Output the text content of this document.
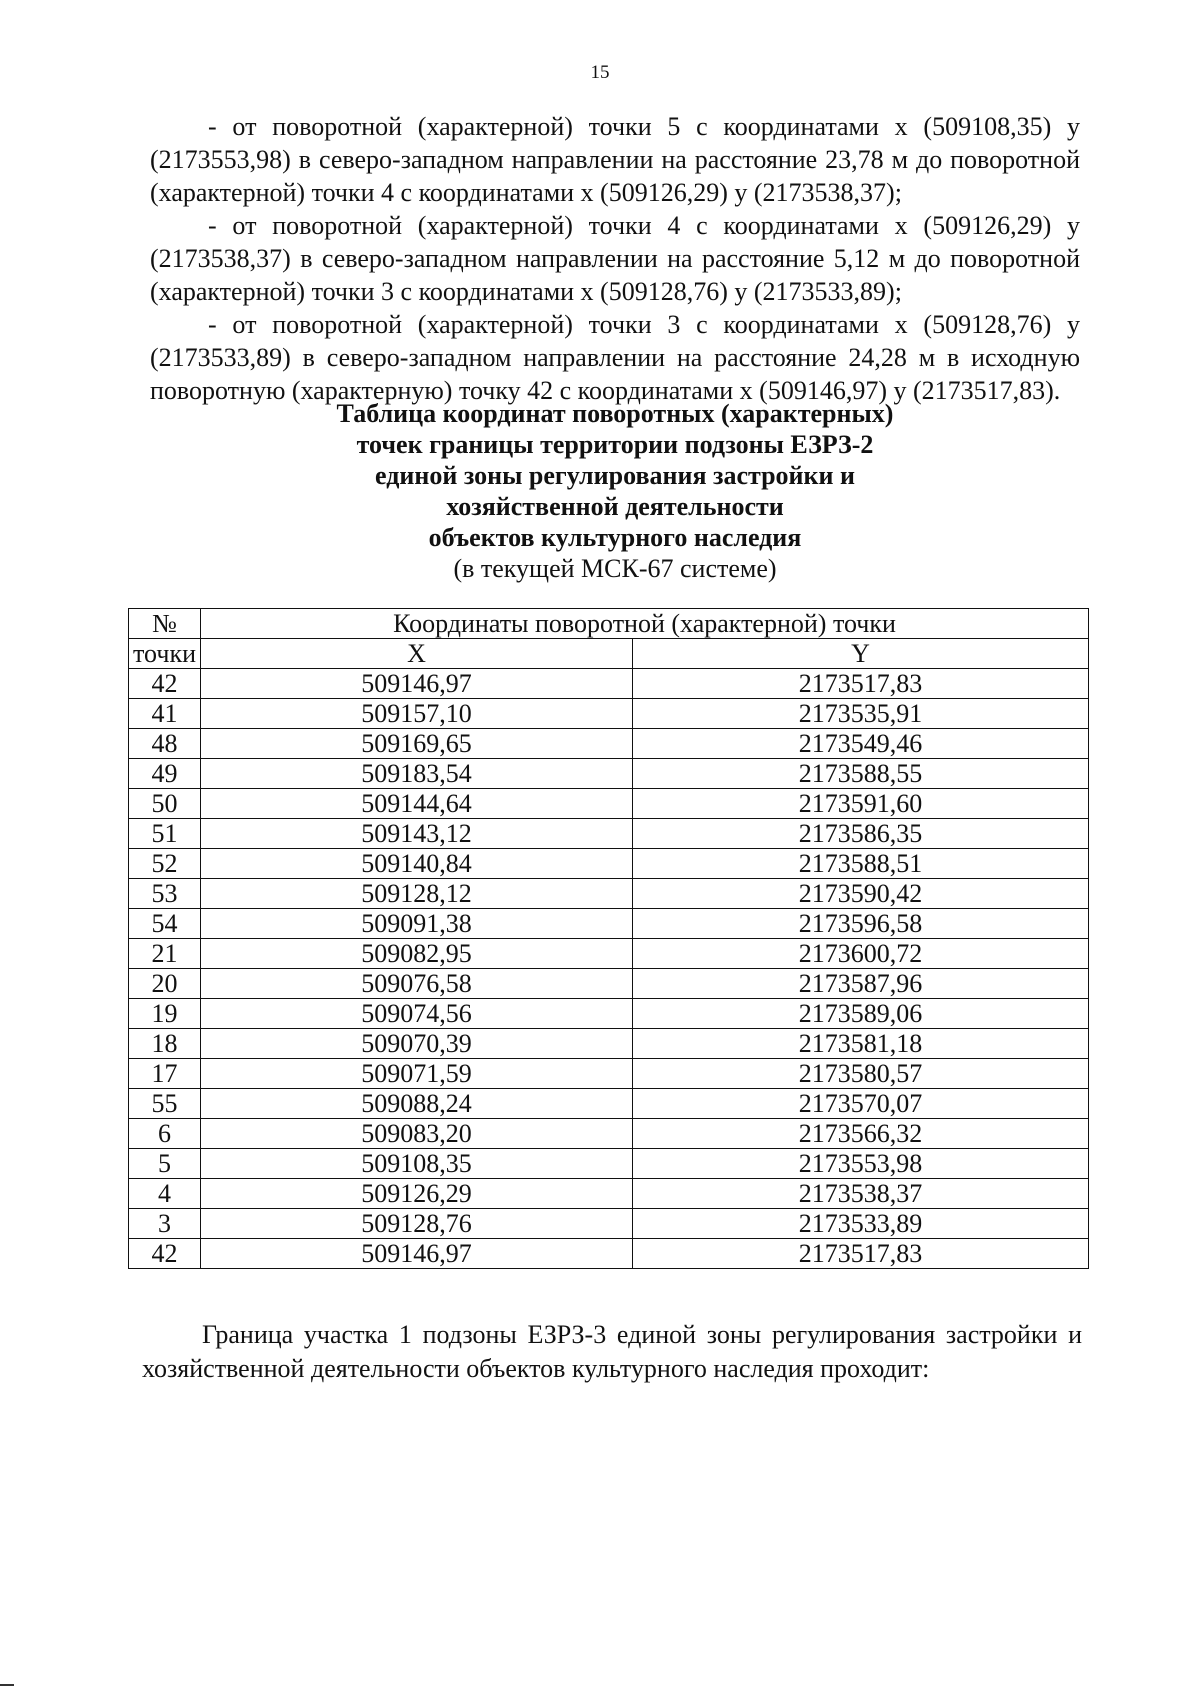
15

- от поворотной (характерной) точки 5 с координатами x (509108,35) y (2173553,98) в северо-западном направлении на расстояние 23,78 м до поворотной (характерной) точки 4 с координатами x (509126,29) y (2173538,37);

- от поворотной (характерной) точки 4 с координатами x (509126,29) y (2173538,37) в северо-западном направлении на расстояние 5,12 м до поворотной (характерной) точки 3 с координатами x (509128,76) y (2173533,89);

- от поворотной (характерной) точки 3 с координатами x (509128,76) y (2173533,89) в северо-западном направлении на расстояние 24,28 м в исходную поворотную (характерную) точку 42 с координатами x (509146,97) y (2173517,83).

Таблица координат поворотных (характерных)
точек границы территории подзоны ЕЗРЗ-2
единой зоны регулирования застройки и
хозяйственной деятельности
объектов культурного наследия
(в текущей МСК-67 системе)
№	Координаты поворотной (характерной) точки	
точки	X	Y
42	509146,97	2173517,83
41	509157,10	2173535,91
48	509169,65	2173549,46
49	509183,54	2173588,55
50	509144,64	2173591,60
51	509143,12	2173586,35
52	509140,84	2173588,51
53	509128,12	2173590,42
54	509091,38	2173596,58
21	509082,95	2173600,72
20	509076,58	2173587,96
19	509074,56	2173589,06
18	509070,39	2173581,18
17	509071,59	2173580,57
55	509088,24	2173570,07
6	509083,20	2173566,32
5	509108,35	2173553,98
4	509126,29	2173538,37
3	509128,76	2173533,89
42	509146,97	2173517,83

Граница участка 1 подзоны ЕЗРЗ-3 единой зоны регулирования застройки и хозяйственной деятельности объектов культурного наследия проходит:
